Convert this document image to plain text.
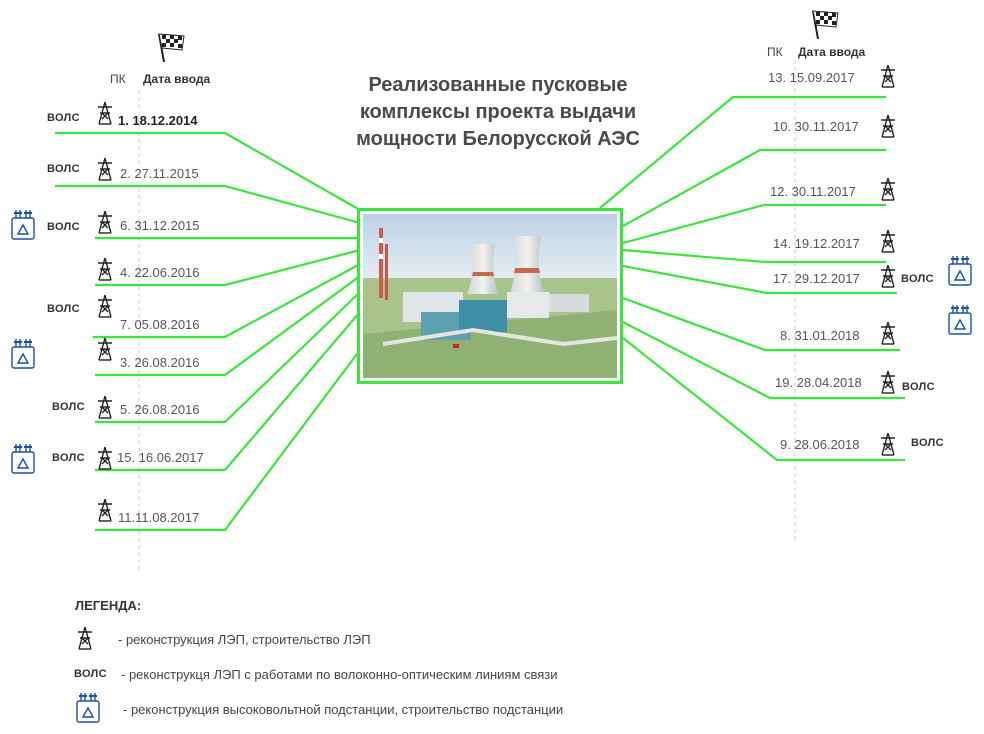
ПК Дата ввода
ПК Дата ввода
Реализованные пусковые
комплексы проекта выдачи
мощности Белорусской АЭС
ЛЕГЕНДА:
- реконструкция ЛЭП, строительство ЛЭП
ВОЛС - реконструкця ЛЭП с работами по волоконно-оптическим линиям связи
- реконструкция высоковольтной подстанции, строительство подстанции
1. 18.12.2014
ВОЛС
2. 27.11.2015
ВОЛС
6. 31.12.2015
ВОЛС
4. 22.06.2016
7. 05.08.2016
ВОЛС
3. 26.08.2016
5. 26.08.2016
ВОЛС
15. 16.06.2017
ВОЛС
11.11.08.2017
13. 15.09.2017
10. 30.11.2017
12. 30.11.2017
14. 19.12.2017
17. 29.12.2017	ВОЛС
8. 31.01.2018
19. 28.04.2018	ВОЛС
9. 28.06.2018	ВОЛС
